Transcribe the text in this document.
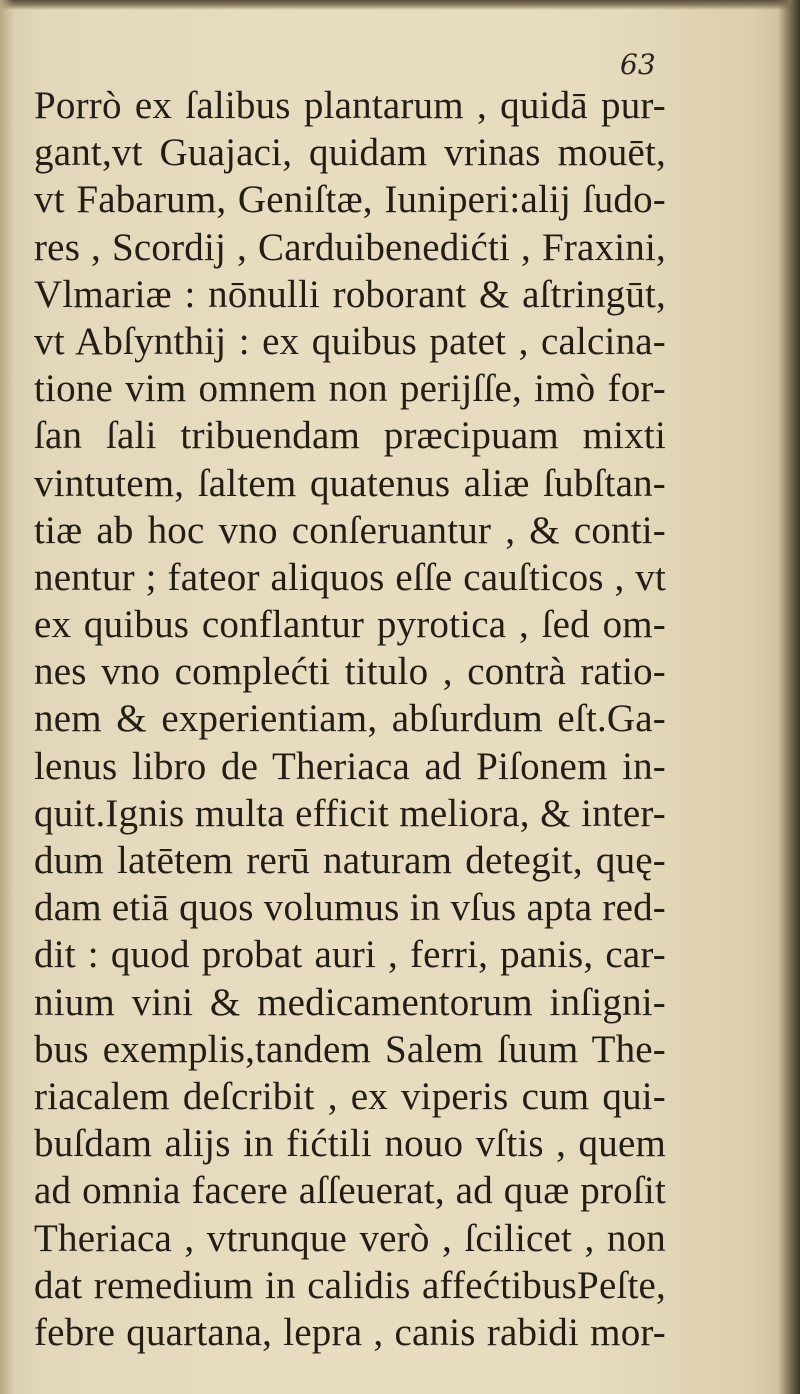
63
Porrò ex ſalibus plantarum , quidā pur-
gant,vt Guajaci, quidam vrinas mouēt,
vt Fabarum, Geniſtæ, Iuniperi:alij ſudo-
res , Scordij , Carduibenedićti , Fraxini,
Vlmariæ : nōnulli roborant & aſtringūt,
vt Abſynthij : ex quibus patet , calcina-
tione vim omnem non perijſſe, imò for-
ſan ſali tribuendam præcipuam mixti
vintutem, ſaltem quatenus aliæ ſubſtan-
tiæ ab hoc vno conſeruantur , & conti-
nentur ; fateor aliquos eſſe cauſticos , vt
ex quibus conflantur pyrotica , ſed om-
nes vno complećti titulo , contrà ratio-
nem & experientiam, abſurdum eſt.Ga-
lenus libro de Theriaca ad Piſonem in-
quit.Ignis multa efficit meliora, & inter-
dum latētem rerū naturam detegit, quę-
dam etiā quos volumus in vſus apta red-
dit : quod probat auri , ferri, panis, car-
nium vini & medicamentorum inſigni-
bus exemplis,tandem Salem ſuum The-
riacalem deſcribit , ex viperis cum qui-
buſdam alijs in fićtili nouo vſtis , quem
ad omnia facere aſſeuerat, ad quæ proſit
Theriaca , vtrunque verò , ſcilicet , non
dat remedium in calidis affećtibusPeſte,
febre quartana, lepra , canis rabidi mor-
